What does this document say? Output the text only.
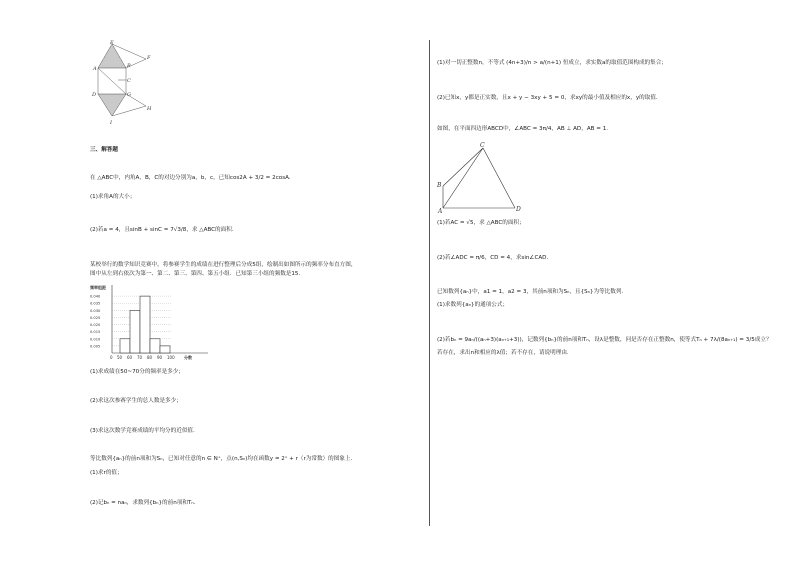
E
F
A	B
C
D	G
H
I
三、解答题
在 △ABC中，内角A，B，C的对边分别为a，b，c，已知cos2A + 3/2 = 2cosA.
(1)求角A的大小；
(2)若a = 4，且sinB + sinC = 7√3/8，求 △ABC的面积.
某校举行的数学知识竞赛中，将参赛学生的成绩在进行整理后分成5组，绘制出如图所示的频率分布直方图，
图中从左到右依次为第一、第二、第三、第四、第五小组．已知第三小组的频数是15.
频率组距
0.040
0.035
0.030
0.025
0.020
0.015
0.010
0.005
0 50 60 70 80 90 100 分数
(1)求成绩在50~70分的频率是多少；
(2)求这次参赛学生的总人数是多少；
(3)求这次数学竞赛成绩的平均分的近似值.
等比数列{aₙ}的前n项和为Sₙ，已知对任意的n ∈ N⁺，点(n,Sₙ)均在函数y = 2ˣ + r（r为常数）的图象上.
(1)求r的值；
(2)记bₙ = naₙ，求数列{bₙ}的前n项和Tₙ.
(1)对一切正整数n，不等式 (4n+3)/n > a/(n+1) 恒成立，求实数a的取值范围构成的集合；
(2)已知x，y都是正实数，且x + y − 3xy + 5 = 0，求xy的最小值及相应的x，y的取值.
如图，在平面四边形ABCD中，∠ABC = 3π/4，AB ⊥ AD，AB = 1.
C
B
A	D
(1)若AC = √5，求 △ABC的面积；
(2)若∠ADC = π/6，CD = 4，求sin∠CAD.
已知数列{aₙ}中，a1 = 1，a2 = 3，其前n项和为Sₙ，且{Sₙ}为等比数列.
(1)求数列{aₙ}的通项公式；
(2)若bₙ = 9aₙ/((aₙ+3)(aₙ₊₁+3))，记数列{bₙ}的前n项和Tₙ，设λ是整数，问是否存在正整数n，使等式Tₙ + 7λ/(8aₙ₊₁) = 3/5成立？
若存在，求出n和相应的λ值；若不存在，请说明理由.
